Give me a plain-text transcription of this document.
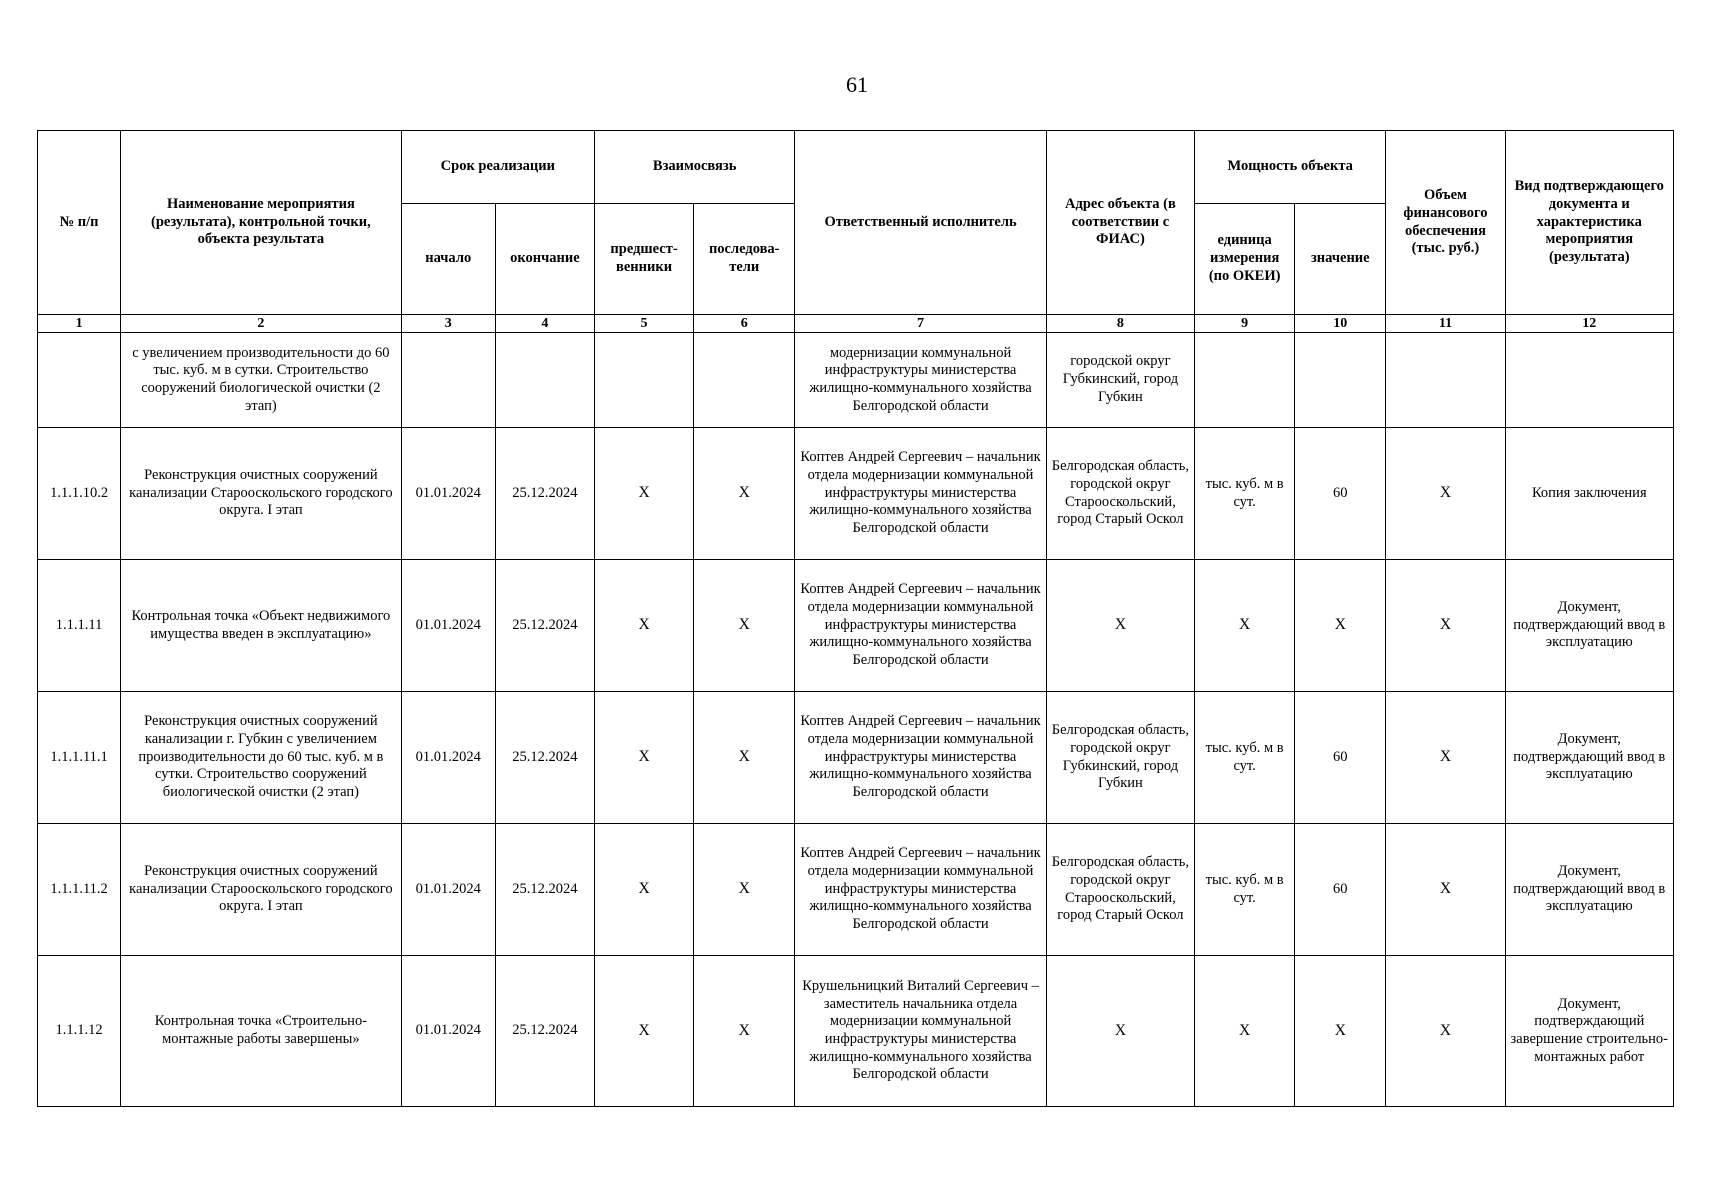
61
№ п/п	Наименование мероприятия (результата), контрольной точки, объекта результата	Срок реализации		Взаимосвязь		Ответственный исполнитель	Адрес объекта (в соответствии с ФИАС)	Мощность объекта		Объем финансового обеспечения (тыс. руб.)	Вид подтверждающего документа и характеристика мероприятия (результата)
		начало	окончание	предшест-венники	последова-тели			единица измерения (по ОКЕИ)	значение		
1	2	3	4	5	6	7	8	9	10	11	12
	с увеличением производительности до 60 тыс. куб. м в сутки. Строительство сооружений биологической очистки (2 этап)					модернизации коммунальной инфраструктуры министерства жилищно-коммунального хозяйства Белгородской области	городской округ Губкинский, город Губкин				
1.1.1.10.2	Реконструкция очистных сооружений канализации Старооскольского городского округа. I этап	01.01.2024	25.12.2024	X	X	Коптев Андрей Сергеевич – начальник отдела модернизации коммунальной инфраструктуры министерства жилищно-коммунального хозяйства Белгородской области	Белгородская область, городской округ Старооскольский, город Старый Оскол	тыс. куб. м в сут.	60	X	Копия заключения
1.1.1.11	Контрольная точка «Объект недвижимого имущества введен в эксплуатацию»	01.01.2024	25.12.2024	X	X	Коптев Андрей Сергеевич – начальник отдела модернизации коммунальной инфраструктуры министерства жилищно-коммунального хозяйства Белгородской области	X	X	X	X	Документ, подтверждающий ввод в эксплуатацию
1.1.1.11.1	Реконструкция очистных сооружений канализации г. Губкин с увеличением производительности до 60 тыс. куб. м в сутки. Строительство сооружений биологической очистки (2 этап)	01.01.2024	25.12.2024	X	X	Коптев Андрей Сергеевич – начальник отдела модернизации коммунальной инфраструктуры министерства жилищно-коммунального хозяйства Белгородской области	Белгородская область, городской округ Губкинский, город Губкин	тыс. куб. м в сут.	60	X	Документ, подтверждающий ввод в эксплуатацию
1.1.1.11.2	Реконструкция очистных сооружений канализации Старооскольского городского округа. I этап	01.01.2024	25.12.2024	X	X	Коптев Андрей Сергеевич – начальник отдела модернизации коммунальной инфраструктуры министерства жилищно-коммунального хозяйства Белгородской области	Белгородская область, городской округ Старооскольский, город Старый Оскол	тыс. куб. м в сут.	60	X	Документ, подтверждающий ввод в эксплуатацию
1.1.1.12	Контрольная точка «Строительно-монтажные работы завершены»	01.01.2024	25.12.2024	X	X	Крушельницкий Виталий Сергеевич – заместитель начальника отдела модернизации коммунальной инфраструктуры министерства жилищно-коммунального хозяйства Белгородской области	X	X	X	X	Документ, подтверждающий завершение строительно-монтажных работ
